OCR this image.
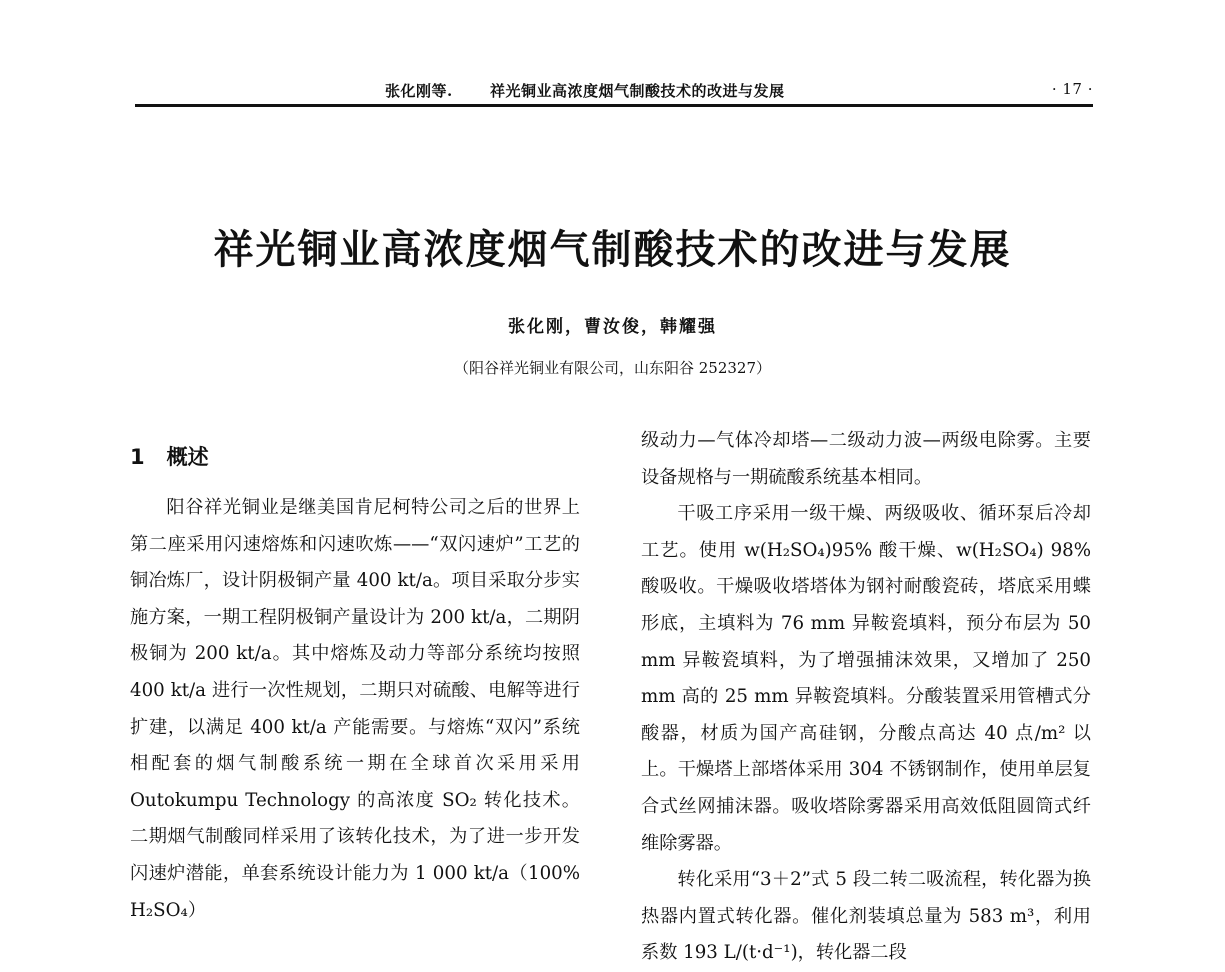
张化刚等. 祥光铜业高浓度烟气制酸技术的改进与发展	· 17 ·
祥光铜业高浓度烟气制酸技术的改进与发展
张化刚，曹汝俊，韩耀强
（阳谷祥光铜业有限公司，山东阳谷 252327）
1 概述

阳谷祥光铜业是继美国肯尼柯特公司之后的世界上第二座采用闪速熔炼和闪速吹炼——“双闪速炉”工艺的铜冶炼厂，设计阴极铜产量 400 kt/a。项目采取分步实施方案，一期工程阴极铜产量设计为 200 kt/a，二期阴极铜为 200 kt/a。其中熔炼及动力等部分系统均按照 400 kt/a 进行一次性规划，二期只对硫酸、电解等进行扩建，以满足 400 kt/a 产能需要。与熔炼“双闪”系统相配套的烟气制酸系统一期在全球首次采用采用 Outokumpu Technology 的高浓度 SO₂ 转化技术。二期烟气制酸同样采用了该转化技术，为了进一步开发闪速炉潜能，单套系统设计能力为 1 000 kt/a（100% H₂SO₄）

级动力—气体冷却塔—二级动力波—两级电除雾。主要设备规格与一期硫酸系统基本相同。

干吸工序采用一级干燥、两级吸收、循环泵后冷却工艺。使用 w(H₂SO₄)95% 酸干燥、w(H₂SO₄) 98% 酸吸收。干燥吸收塔塔体为钢衬耐酸瓷砖，塔底采用蝶形底，主填料为 76 mm 异鞍瓷填料，预分布层为 50 mm 异鞍瓷填料，为了增强捕沫效果，又增加了 250 mm 高的 25 mm 异鞍瓷填料。分酸装置采用管槽式分酸器，材质为国产高硅钢，分酸点高达 40 点/m² 以上。干燥塔上部塔体采用 304 不锈钢制作，使用单层复合式丝网捕沫器。吸收塔除雾器采用高效低阻圆筒式纤维除雾器。

转化采用“3＋2”式 5 段二转二吸流程，转化器为换热器内置式转化器。催化剂装填总量为 583 m³，利用系数 193 L/(t·d⁻¹)，转化器二段
